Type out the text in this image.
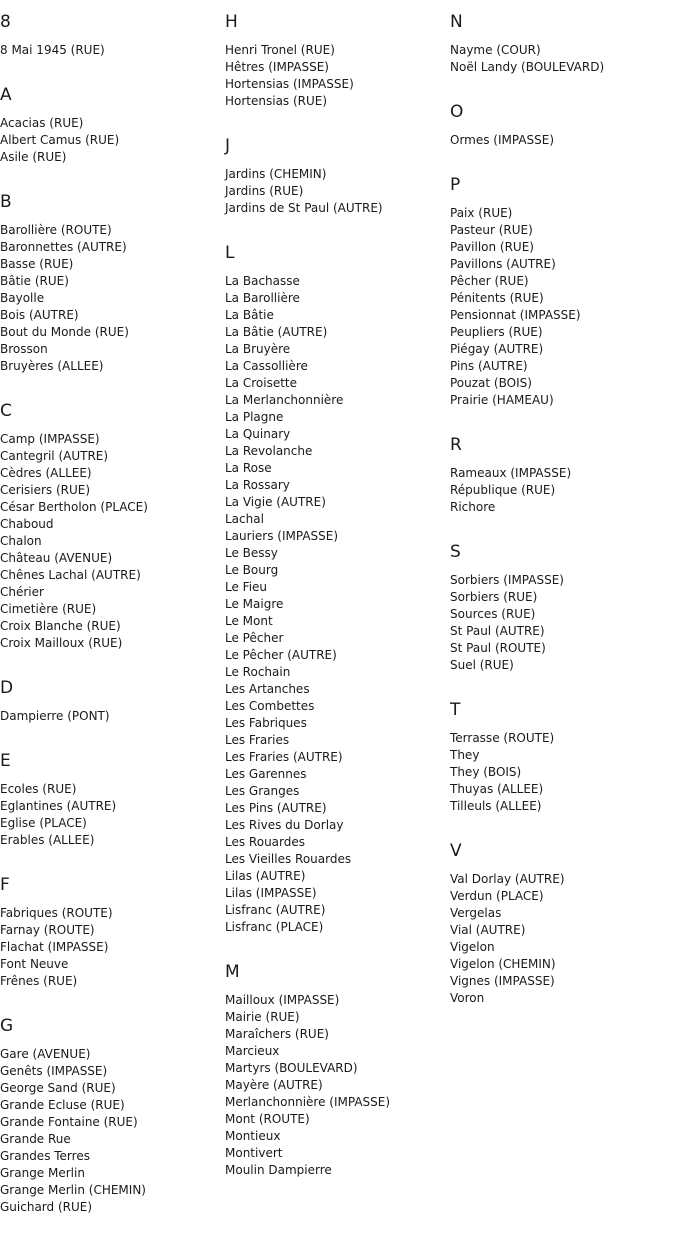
8
8 Mai 1945 (RUE)
A
Acacias (RUE)
Albert Camus (RUE)
Asile (RUE)
B
Barollière (ROUTE)
Baronnettes (AUTRE)
Basse (RUE)
Bâtie (RUE)
Bayolle
Bois (AUTRE)
Bout du Monde (RUE)
Brosson
Bruyères (ALLEE)
C
Camp (IMPASSE)
Cantegril (AUTRE)
Cèdres (ALLEE)
Cerisiers (RUE)
César Bertholon (PLACE)
Chaboud
Chalon
Château (AVENUE)
Chênes Lachal (AUTRE)
Chérier
Cimetière (RUE)
Croix Blanche (RUE)
Croix Mailloux (RUE)
D
Dampierre (PONT)
E
Ecoles (RUE)
Eglantines (AUTRE)
Eglise (PLACE)
Erables (ALLEE)
F
Fabriques (ROUTE)
Farnay (ROUTE)
Flachat (IMPASSE)
Font Neuve
Frênes (RUE)
G
Gare (AVENUE)
Genêts (IMPASSE)
George Sand (RUE)
Grande Ecluse (RUE)
Grande Fontaine (RUE)
Grande Rue
Grandes Terres
Grange Merlin
Grange Merlin (CHEMIN)
Guichard (RUE)
H
Henri Tronel (RUE)
Hêtres (IMPASSE)
Hortensias (IMPASSE)
Hortensias (RUE)
J
Jardins (CHEMIN)
Jardins (RUE)
Jardins de St Paul (AUTRE)
L
La Bachasse
La Barollière
La Bâtie
La Bâtie (AUTRE)
La Bruyère
La Cassollière
La Croisette
La Merlanchonnière
La Plagne
La Quinary
La Revolanche
La Rose
La Rossary
La Vigie (AUTRE)
Lachal
Lauriers (IMPASSE)
Le Bessy
Le Bourg
Le Fieu
Le Maigre
Le Mont
Le Pêcher
Le Pêcher (AUTRE)
Le Rochain
Les Artanches
Les Combettes
Les Fabriques
Les Fraries
Les Fraries (AUTRE)
Les Garennes
Les Granges
Les Pins (AUTRE)
Les Rives du Dorlay
Les Rouardes
Les Vieilles Rouardes
Lilas (AUTRE)
Lilas (IMPASSE)
Lisfranc (AUTRE)
Lisfranc (PLACE)
M
Mailloux (IMPASSE)
Mairie (RUE)
Maraîchers (RUE)
Marcieux
Martyrs (BOULEVARD)
Mayère (AUTRE)
Merlanchonnière (IMPASSE)
Mont (ROUTE)
Montieux
Montivert
Moulin Dampierre
N
Nayme (COUR)
Noël Landy (BOULEVARD)
O
Ormes (IMPASSE)
P
Paix (RUE)
Pasteur (RUE)
Pavillon (RUE)
Pavillons (AUTRE)
Pêcher (RUE)
Pénitents (RUE)
Pensionnat (IMPASSE)
Peupliers (RUE)
Piégay (AUTRE)
Pins (AUTRE)
Pouzat (BOIS)
Prairie (HAMEAU)
R
Rameaux (IMPASSE)
République (RUE)
Richore
S
Sorbiers (IMPASSE)
Sorbiers (RUE)
Sources (RUE)
St Paul (AUTRE)
St Paul (ROUTE)
Suel (RUE)
T
Terrasse (ROUTE)
They
They (BOIS)
Thuyas (ALLEE)
Tilleuls (ALLEE)
V
Val Dorlay (AUTRE)
Verdun (PLACE)
Vergelas
Vial (AUTRE)
Vigelon
Vigelon (CHEMIN)
Vignes (IMPASSE)
Voron
